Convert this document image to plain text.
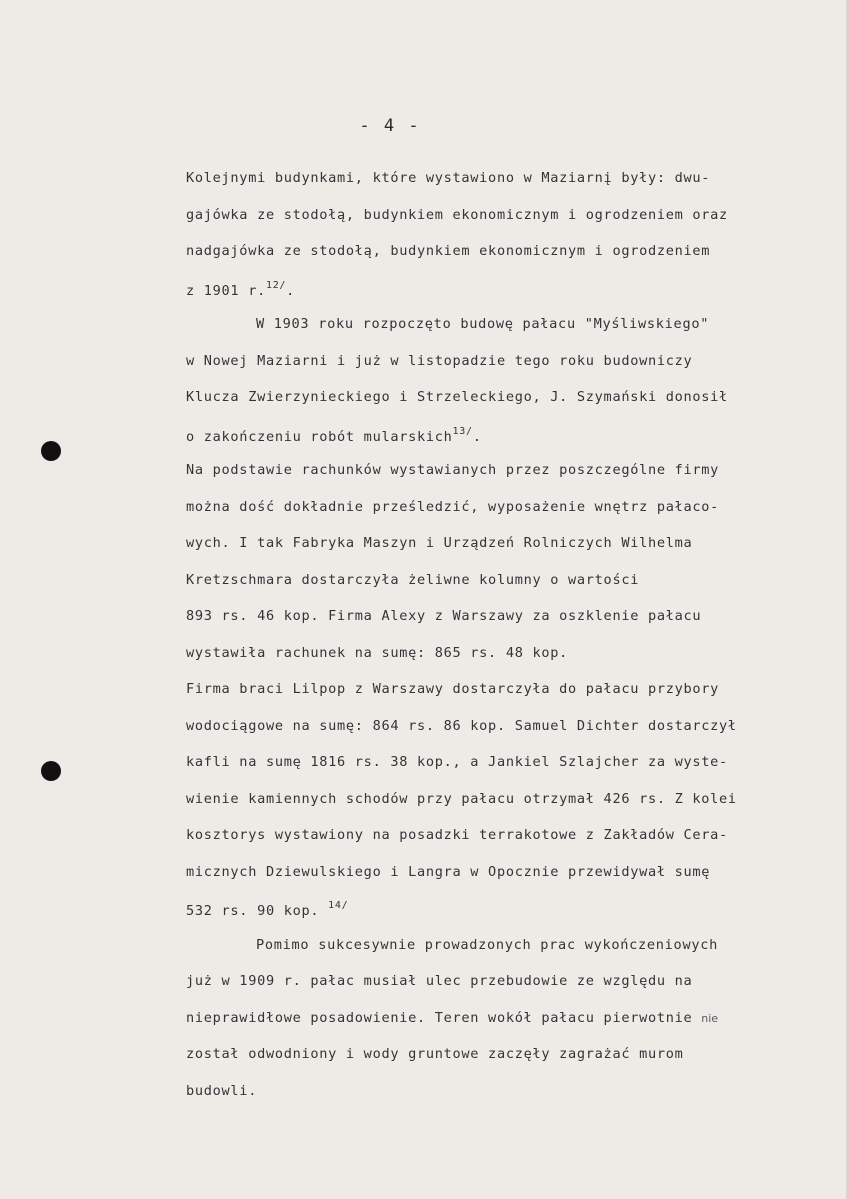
- 4 -
Kolejnymi budynkami, które wystawiono w Maziarnį były: dwu-
gajówka ze stodołą, budynkiem ekonomicznym i ogrodzeniem oraz
nadgajówka ze stodołą, budynkiem ekonomicznym i ogrodzeniem
z 1901 r.$^{12/}$.
W 1903 roku rozpoczęto budowę pałacu "Myśliwskiego"
w Nowej Maziarni i już w listopadzie tego roku budowniczy
Klucza Zwierzynieckiego i Strzeleckiego, J. Szymański donosił
o zakończeniu robót mularskich$^{13/}$.
Na podstawie rachunków wystawianych przez poszczególne firmy
można dość dokładnie prześledzić, wyposażenie wnętrz pałaco-
wych. I tak Fabryka Maszyn i Urządzeń Rolniczych Wilhelma
Kretzschmara dostarczyła żeliwne kolumny o wartości
893 rs. 46 kop. Firma Alexy z Warszawy za oszklenie pałacu
wystawiła rachunek na sumę: 865 rs. 48 kop.
Firma braci Lilpop z Warszawy dostarczyła do pałacu przybory
wodociągowe na sumę: 864 rs. 86 kop. Samuel Dichter dostarczył
kafli na sumę 1816 rs. 38 kop., a Jankiel Szlajcher za wyste-
wienie kamiennych schodów przy pałacu otrzymał 426 rs. Z kolei
kosztorys wystawiony na posadzki terrakotowe z Zakładów Cera-
micznych Dziewulskiego i Langra w Opocznie przewidywał sumę
532 rs. 90 kop. $^{14/}$
Pomimo sukcesywnie prowadzonych prac wykończeniowych
już w 1909 r. pałac musiał ulec przebudowie ze względu na
nieprawidłowe posadowienie. Teren wokół pałacu pierwotnie nie
został odwodniony i wody gruntowe zaczęły zagrażać murom
budowli.
